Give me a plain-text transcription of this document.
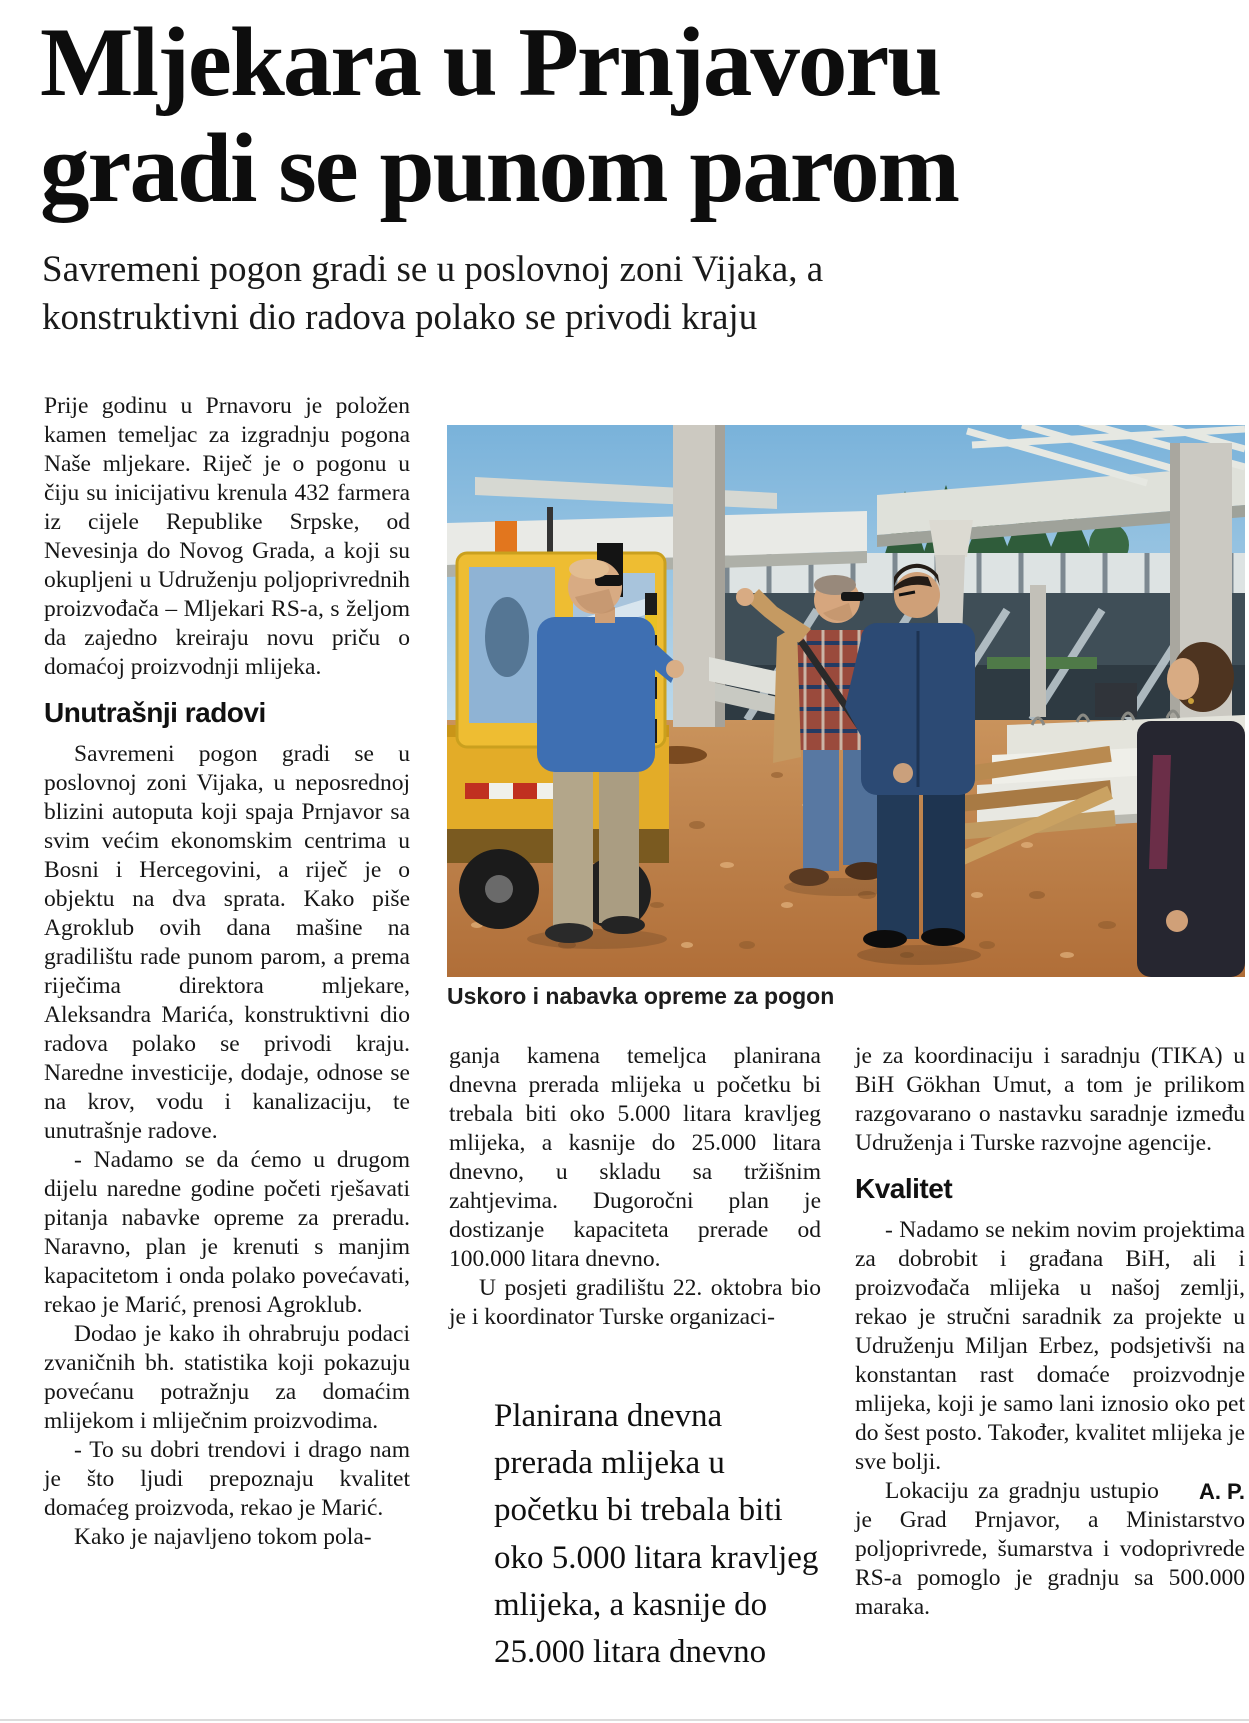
Mljekara u Prnjavoru
gradi se punom parom
Savremeni pogon gradi se u poslovnoj zoni Vijaka, a
konstruktivni dio radova polako se privodi kraju

Prije godinu u Prnavoru je položen kamen temeljac za izgradnju pogona Naše mljekare. Riječ je o pogonu u čiju su inicijativu krenula 432 farmera iz cijele Republike Srpske, od Nevesinja do Novog Grada, a koji su okupljeni u Udruženju poljoprivrednih proizvođača – Mljekari RS-a, s željom da zajedno kreiraju novu priču o domaćoj proizvodnji mlijeka.

Unutrašnji radovi

Savremeni pogon gradi se u poslovnoj zoni Vijaka, u neposrednoj blizini autoputa koji spaja Prnjavor sa svim većim ekonomskim centrima u Bosni i Hercegovini, a riječ je o objektu na dva sprata. Kako piše Agroklub ovih dana mašine na gradilištu rade punom parom, a prema riječima direktora mljekare, Aleksandra Marića, konstruktivni dio radova polako se privodi kraju. Naredne investicije, dodaje, odnose se na krov, vodu i kanalizaciju, te unutrašnje radove.

- Nadamo se da ćemo u drugom dijelu naredne godine početi rješavati pitanja nabavke opreme za preradu. Naravno, plan je krenuti s manjim kapacitetom i onda polako povećavati, rekao je Marić, prenosi Agroklub.

Dodao je kako ih ohrabruju podaci zvaničnih bh. statistika koji pokazuju povećanu potražnju za domaćim mlijekom i mliječnim proizvodima.

- To su dobri trendovi i drago nam je što ljudi prepoznaju kvalitet domaćeg proizvoda, rekao je Marić.

Kako je najavljeno tokom pola-

Uskoro i nabavka opreme za pogon

ganja kamena temeljca planirana dnevna prerada mlijeka u početku bi trebala biti oko 5.000 litara kravljeg mlijeka, a kasnije do 25.000 litara dnevno, u skladu sa tržišnim zahtjevima. Dugoročni plan je dostizanje kapaciteta prerade od 100.000 litara dnevno.

U posjeti gradilištu 22. oktobra bio je i koordinator Turske organizaci-

Planirana dnevna prerada mlijeka u početku bi trebala biti oko 5.000 litara kravljeg mlijeka, a kasnije do 25.000 litara dnevno

je za koordinaciju i saradnju (TIKA) u BiH Gökhan Umut, a tom je prilikom razgovarano o nastavku saradnje između Udruženja i Turske razvojne agencije.

Kvalitet

- Nadamo se nekim novim projektima za dobrobit i građana BiH, ali i proizvođača mlijeka u našoj zemlji, rekao je stručni saradnik za projekte u Udruženju Miljan Erbez, podsjetivši na konstantan rast domaće proizvodnje mlijeka, koji je samo lani iznosio oko pet do šest posto. Također, kvalitet mlijeka je sve bolji.

A. P.
Lokaciju za gradnju ustupio je Grad Prnjavor, a Ministarstvo poljoprivrede, šumarstva i vodoprivrede RS-a pomoglo je gradnju sa 500.000 maraka.
